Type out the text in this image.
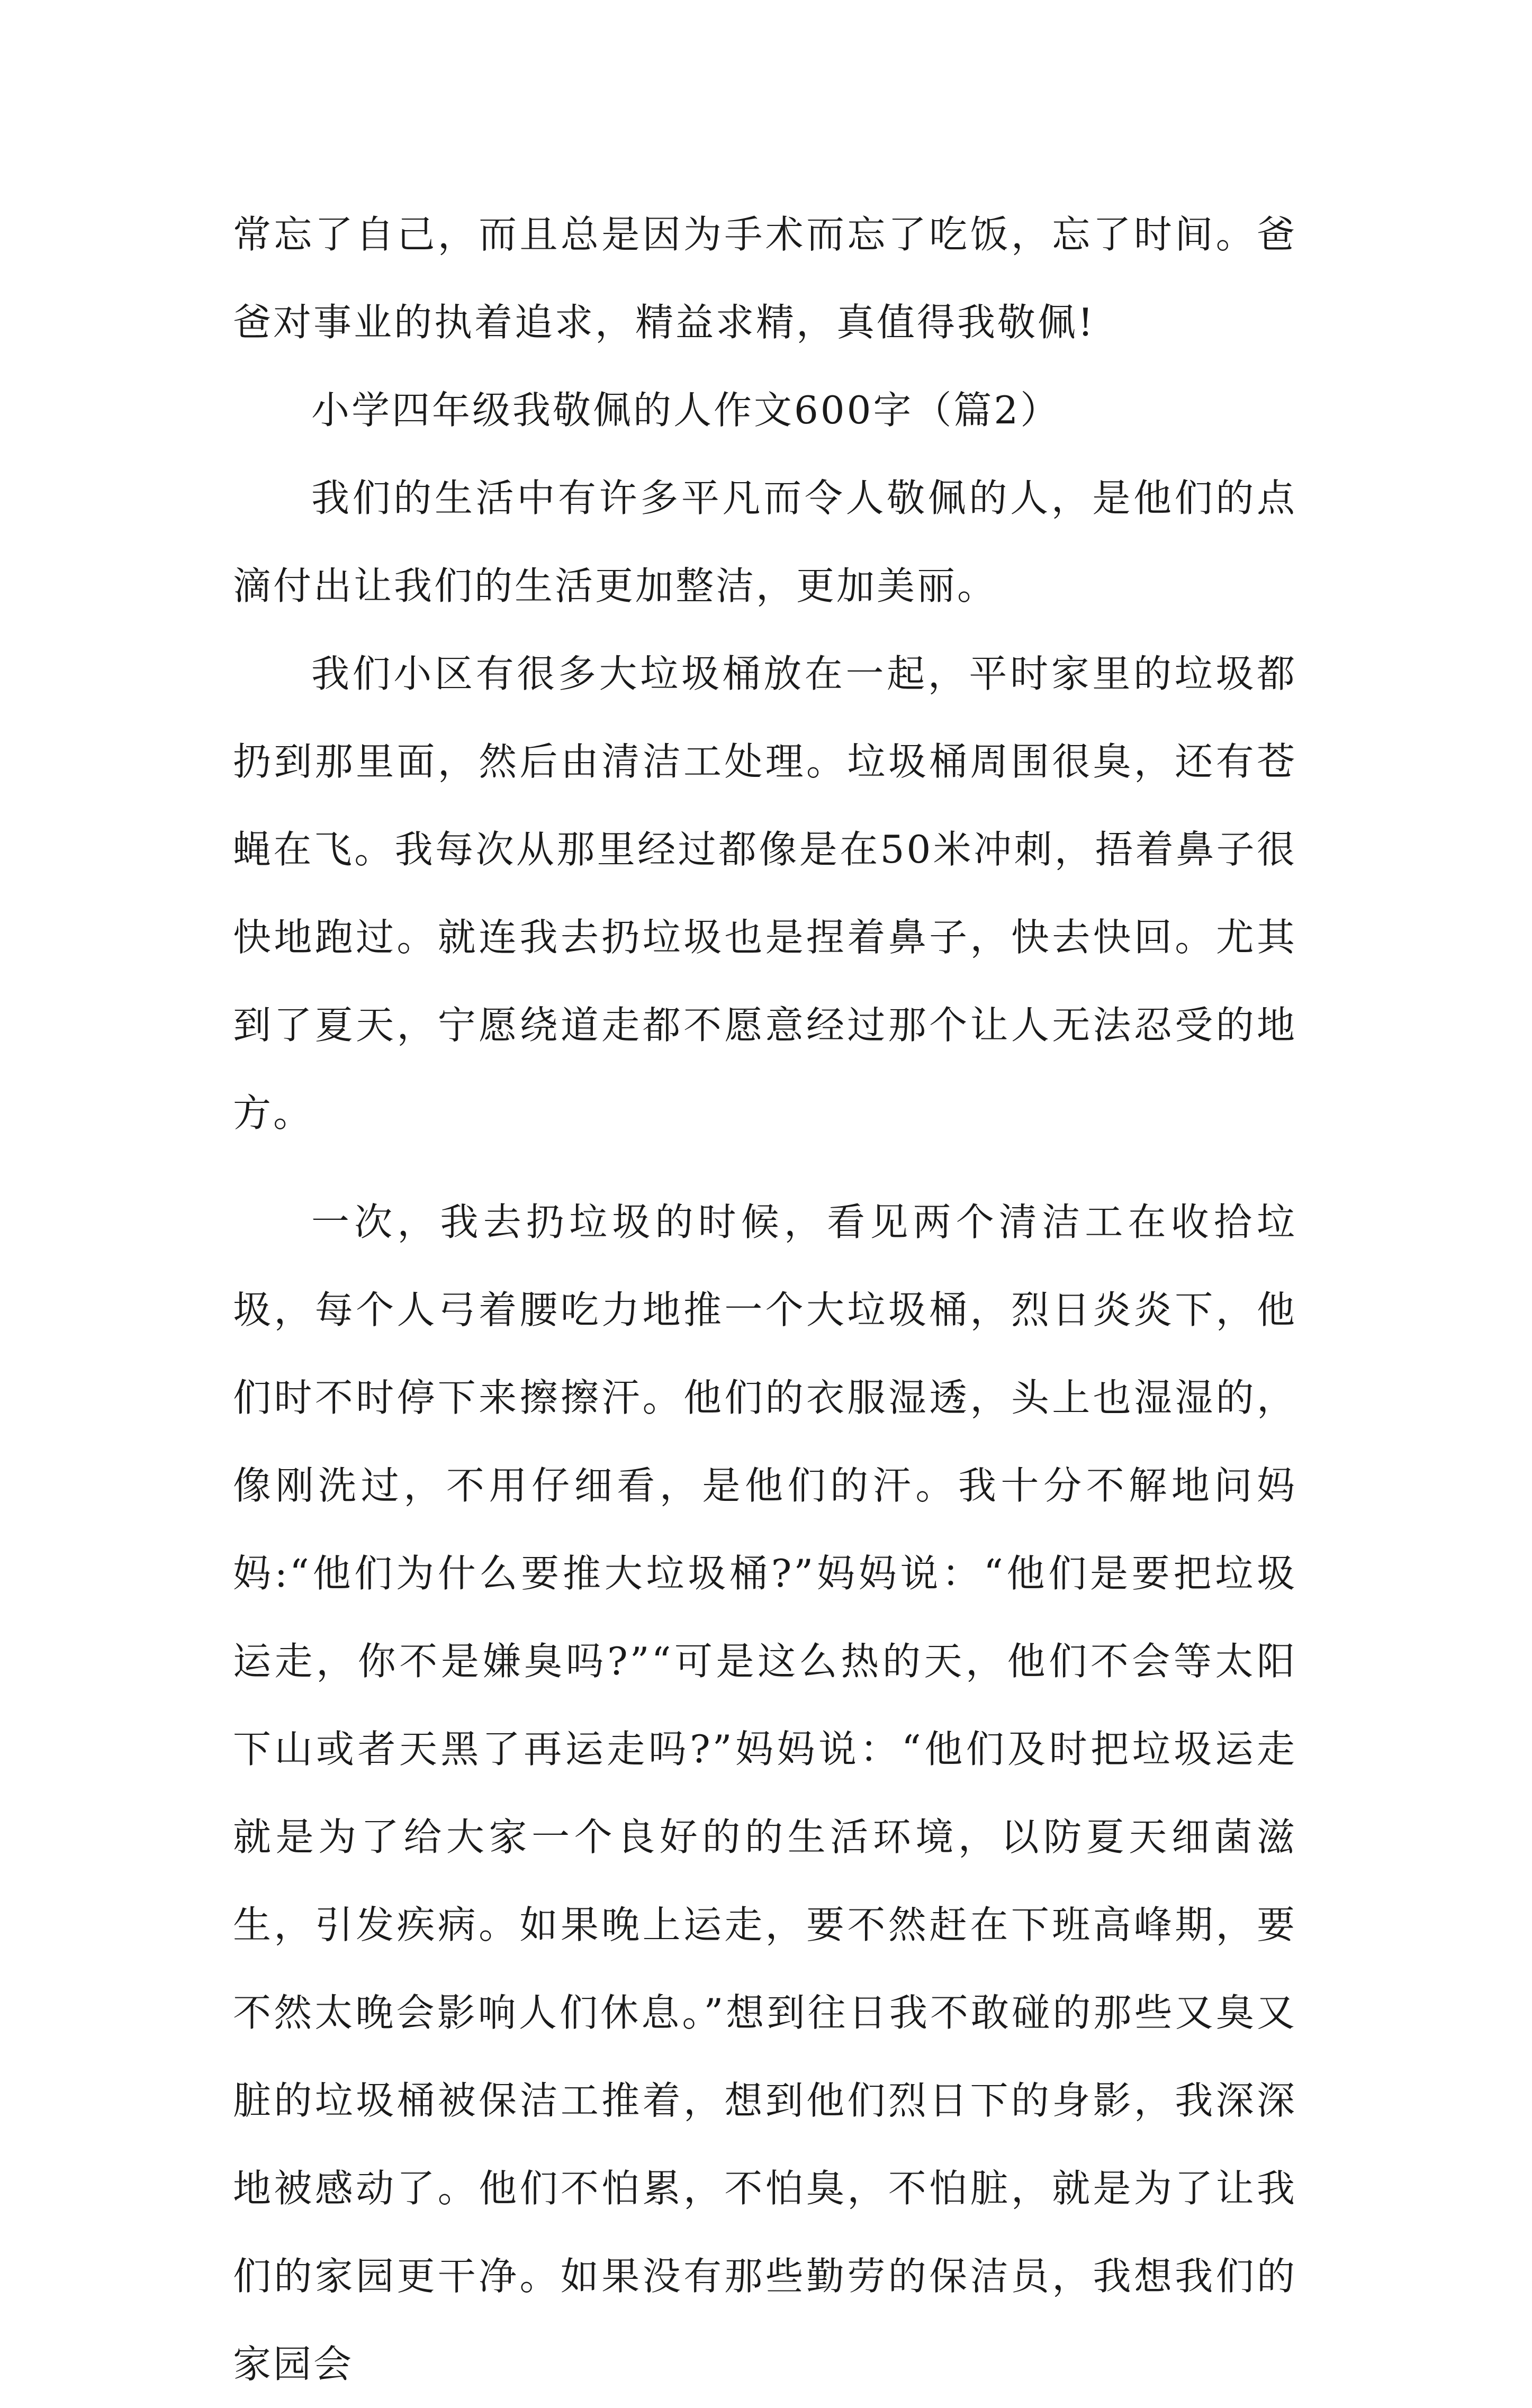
常忘了自己，而且总是因为手术而忘了吃饭，忘了时间。爸爸对事业的执着追求，精益求精，真值得我敬佩!

小学四年级我敬佩的人作文600字（篇2）

我们的生活中有许多平凡而令人敬佩的人，是他们的点滴付出让我们的生活更加整洁，更加美丽。

我们小区有很多大垃圾桶放在一起，平时家里的垃圾都扔到那里面，然后由清洁工处理。垃圾桶周围很臭，还有苍蝇在飞。我每次从那里经过都像是在50米冲刺，捂着鼻子很快地跑过。就连我去扔垃圾也是捏着鼻子，快去快回。尤其到了夏天，宁愿绕道走都不愿意经过那个让人无法忍受的地方。

一次，我去扔垃圾的时候，看见两个清洁工在收拾垃圾，每个人弓着腰吃力地推一个大垃圾桶，烈日炎炎下，他们时不时停下来擦擦汗。他们的衣服湿透，头上也湿湿的，像刚洗过，不用仔细看，是他们的汗。我十分不解地问妈妈:“他们为什么要推大垃圾桶?”妈妈说：“他们是要把垃圾运走，你不是嫌臭吗?”“可是这么热的天，他们不会等太阳下山或者天黑了再运走吗?”妈妈说：“他们及时把垃圾运走就是为了给大家一个良好的的生活环境，以防夏天细菌滋生，引发疾病。如果晚上运走，要不然赶在下班高峰期，要不然太晚会影响人们休息。”想到往日我不敢碰的那些又臭又脏的垃圾桶被保洁工推着，想到他们烈日下的身影，我深深地被感动了。他们不怕累，不怕臭，不怕脏，就是为了让我们的家园更干净。如果没有那些勤劳的保洁员，我想我们的家园会
